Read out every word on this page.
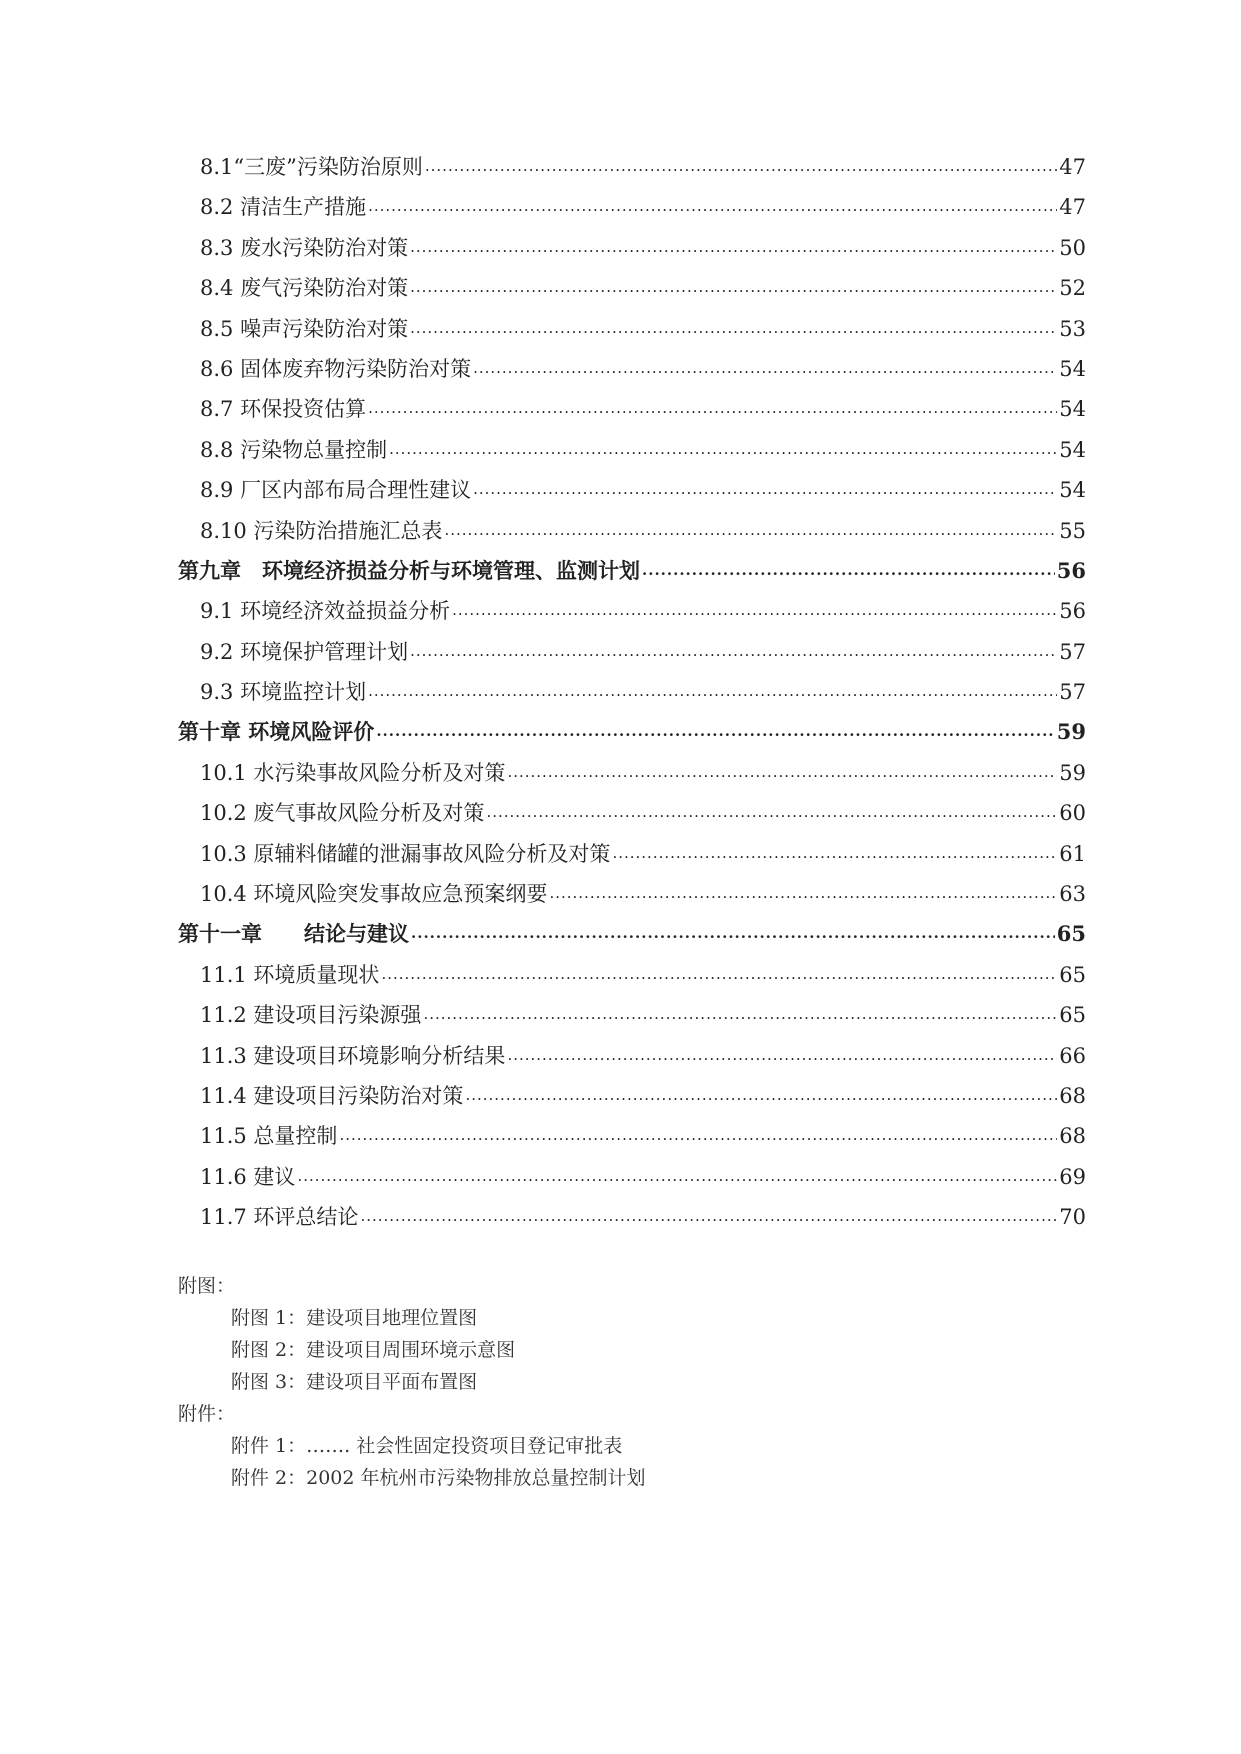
8.1“三废”污染防治原则 .....	47
8.2 清洁生产措施 .....	47
8.3 废水污染防治对策 .....	50
8.4 废气污染防治对策 .....	52
8.5 噪声污染防治对策 .....	53
8.6 固体废弃物污染防治对策 .....	54
8.7 环保投资估算 .....	54
8.8 污染物总量控制 .....	54
8.9 厂区内部布局合理性建议 .....	54
8.10 污染防治措施汇总表 .....	55
第九章　环境经济损益分析与环境管理、监测计划 .....	56
9.1 环境经济效益损益分析 .....	56
9.2 环境保护管理计划 .....	57
9.3 环境监控计划 .....	57
第十章 环境风险评价 .....	59
10.1 水污染事故风险分析及对策 .....	59
10.2 废气事故风险分析及对策 .....	60
10.3 原辅料储罐的泄漏事故风险分析及对策 .....	61
10.4 环境风险突发事故应急预案纲要 .....	63
第十一章　　结论与建议 .....	65
11.1 环境质量现状 .....	65
11.2 建设项目污染源强 .....	65
11.3 建设项目环境影响分析结果 .....	66
11.4 建设项目污染防治对策 .....	68
11.5 总量控制 .....	68
11.6 建议 .....	69
11.7 环评总结论 .....	70
附图：
附图 1：建设项目地理位置图
附图 2：建设项目周围环境示意图
附图 3：建设项目平面布置图
附件：
附件 1：……. 社会性固定投资项目登记审批表
附件 2：2002 年杭州市污染物排放总量控制计划
